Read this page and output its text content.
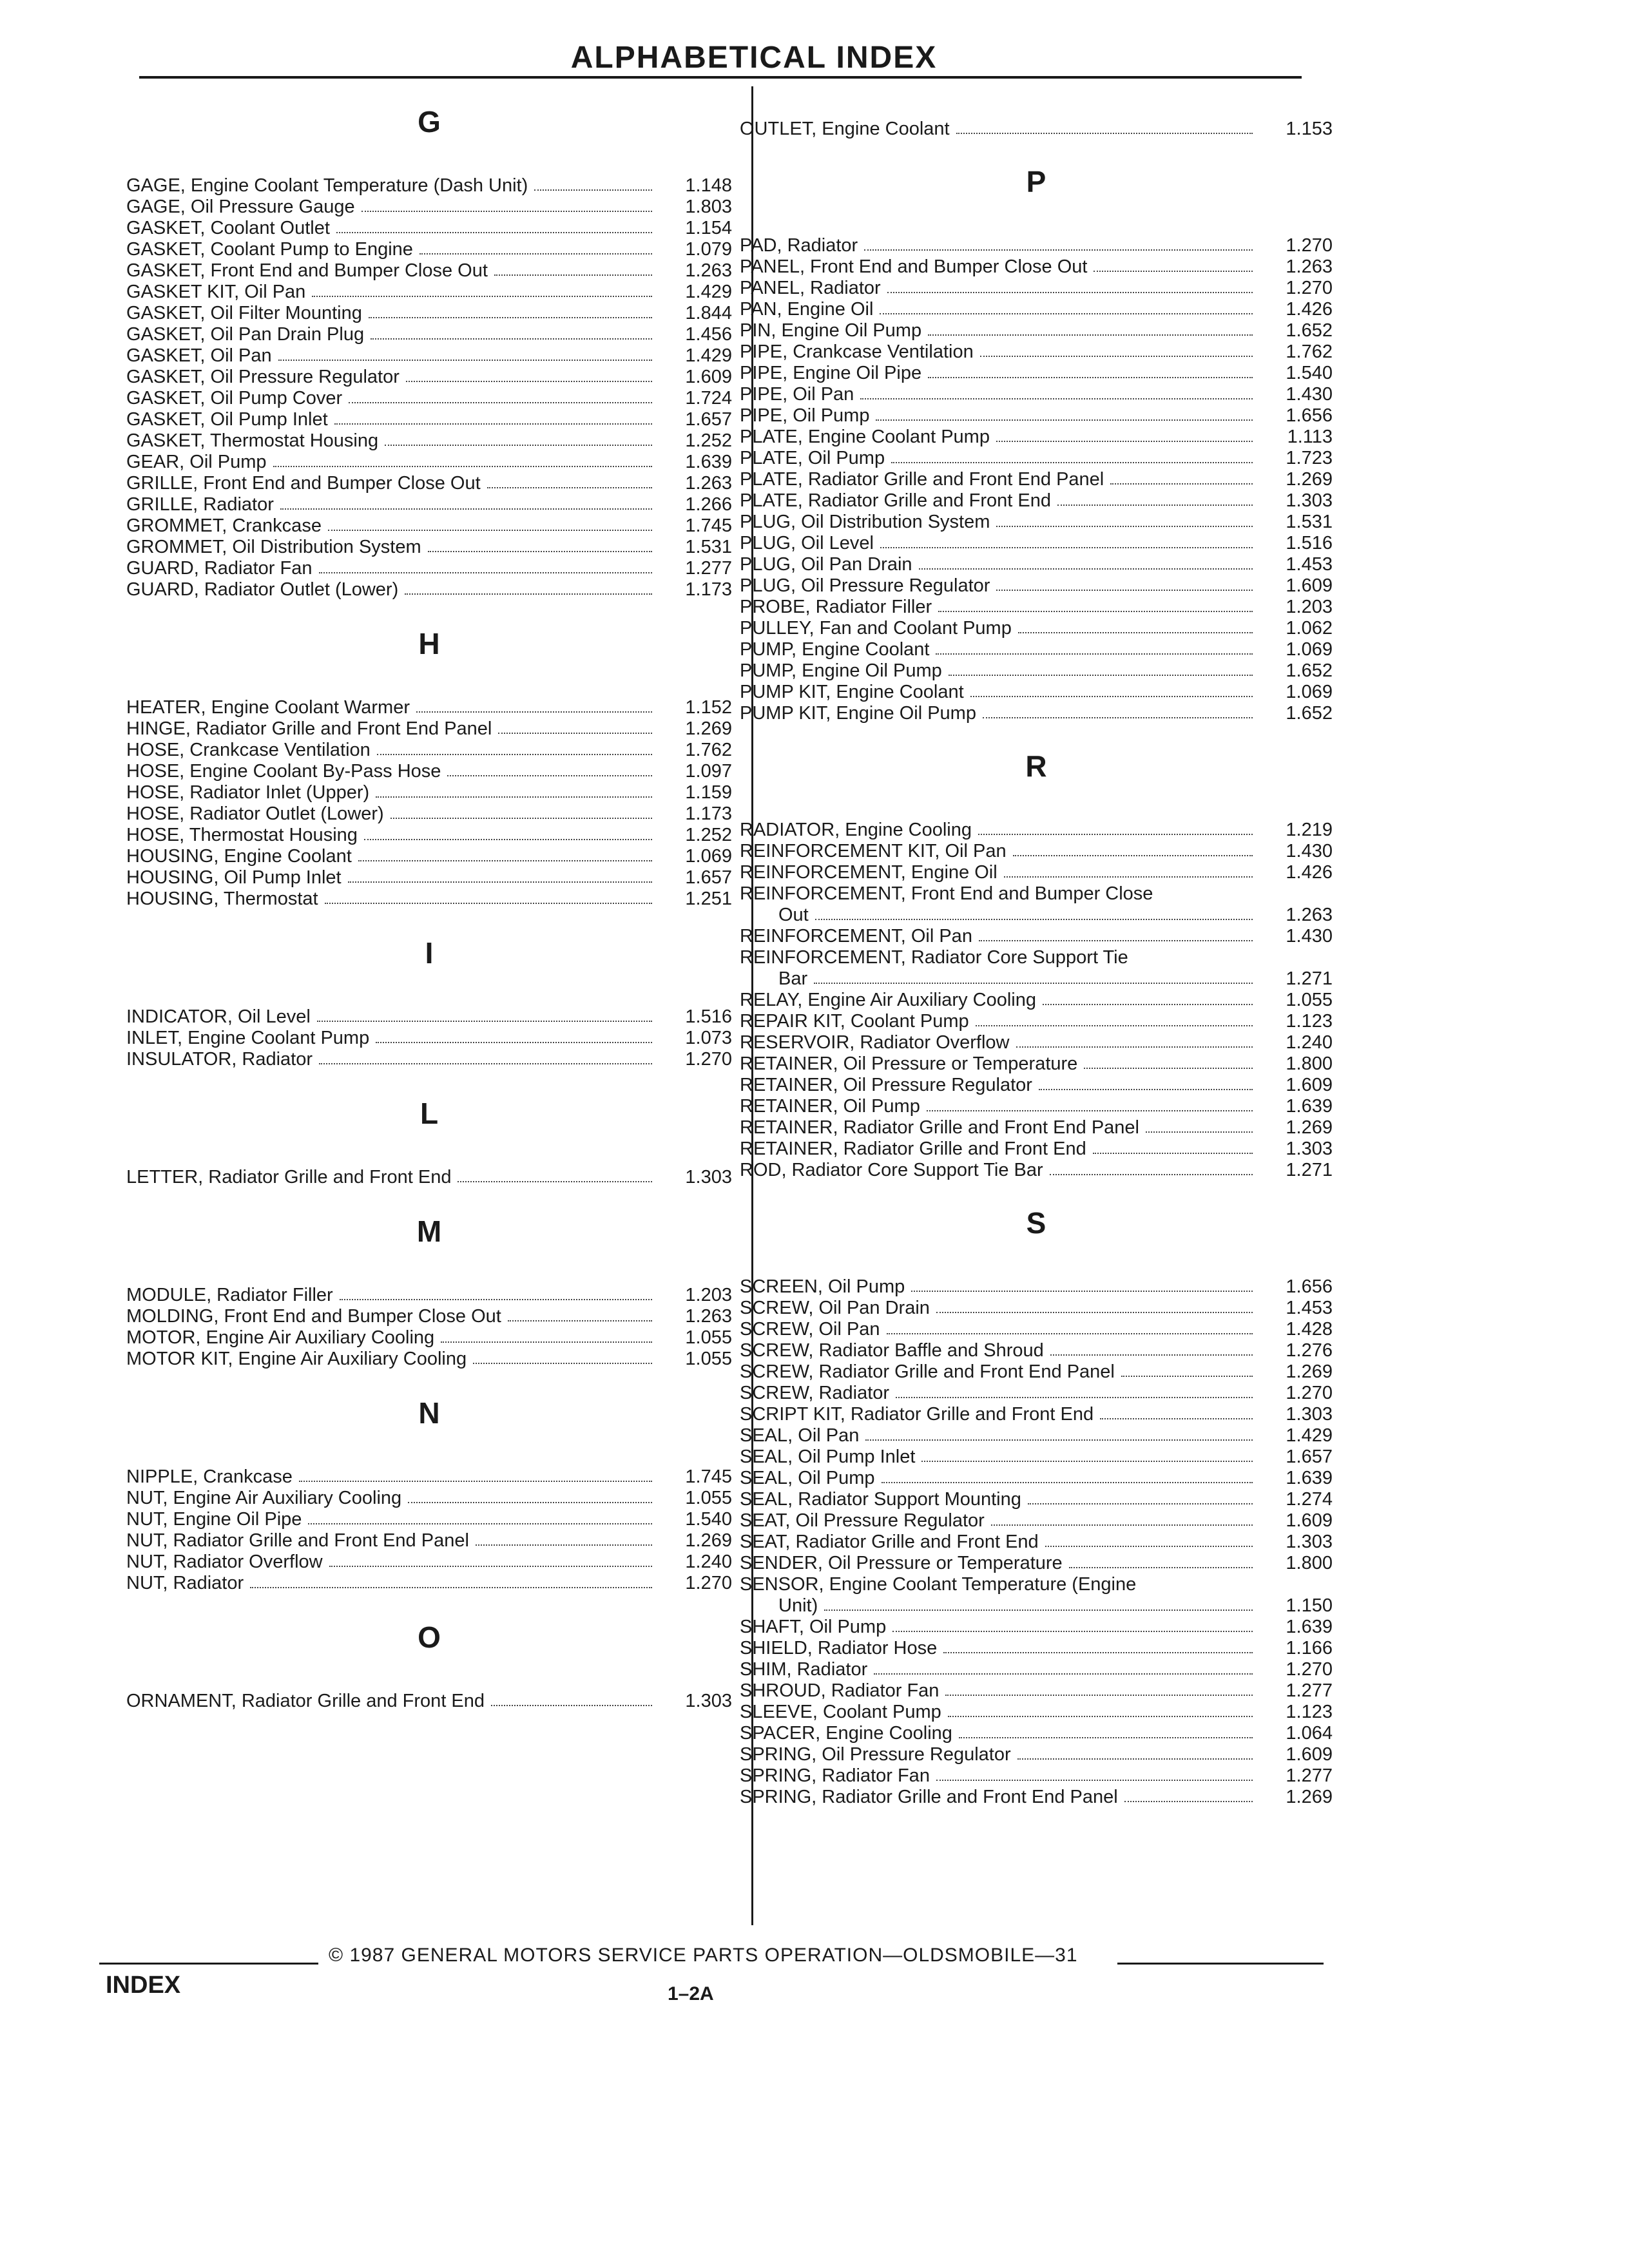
ALPHABETICAL INDEX
G
GAGE, Engine Coolant Temperature (Dash Unit)	1.148
GAGE, Oil Pressure Gauge	1.803
GASKET, Coolant Outlet	1.154
GASKET, Coolant Pump to Engine	1.079
GASKET, Front End and Bumper Close Out	1.263
GASKET KIT, Oil Pan	1.429
GASKET, Oil Filter Mounting	1.844
GASKET, Oil Pan Drain Plug	1.456
GASKET, Oil Pan	1.429
GASKET, Oil Pressure Regulator	1.609
GASKET, Oil Pump Cover	1.724
GASKET, Oil Pump Inlet	1.657
GASKET, Thermostat Housing	1.252
GEAR, Oil Pump	1.639
GRILLE, Front End and Bumper Close Out	1.263
GRILLE, Radiator	1.266
GROMMET, Crankcase	1.745
GROMMET, Oil Distribution System	1.531
GUARD, Radiator Fan	1.277
GUARD, Radiator Outlet (Lower)	1.173
H
HEATER, Engine Coolant Warmer	1.152
HINGE, Radiator Grille and Front End Panel	1.269
HOSE, Crankcase Ventilation	1.762
HOSE, Engine Coolant By-Pass Hose	1.097
HOSE, Radiator Inlet (Upper)	1.159
HOSE, Radiator Outlet (Lower)	1.173
HOSE, Thermostat Housing	1.252
HOUSING, Engine Coolant	1.069
HOUSING, Oil Pump Inlet	1.657
HOUSING, Thermostat	1.251
I
INDICATOR, Oil Level	1.516
INLET, Engine Coolant Pump	1.073
INSULATOR, Radiator	1.270
L
LETTER, Radiator Grille and Front End	1.303
M
MODULE, Radiator Filler	1.203
MOLDING, Front End and Bumper Close Out	1.263
MOTOR, Engine Air Auxiliary Cooling	1.055
MOTOR KIT, Engine Air Auxiliary Cooling	1.055
N
NIPPLE, Crankcase	1.745
NUT, Engine Air Auxiliary Cooling	1.055
NUT, Engine Oil Pipe	1.540
NUT, Radiator Grille and Front End Panel	1.269
NUT, Radiator Overflow	1.240
NUT, Radiator	1.270
O
ORNAMENT, Radiator Grille and Front End	1.303
OUTLET, Engine Coolant	1.153
P
PAD, Radiator	1.270
PANEL, Front End and Bumper Close Out	1.263
PANEL, Radiator	1.270
PAN, Engine Oil	1.426
PIN, Engine Oil Pump	1.652
PIPE, Crankcase Ventilation	1.762
PIPE, Engine Oil Pipe	1.540
PIPE, Oil Pan	1.430
PIPE, Oil Pump	1.656
PLATE, Engine Coolant Pump	1.113
PLATE, Oil Pump	1.723
PLATE, Radiator Grille and Front End Panel	1.269
PLATE, Radiator Grille and Front End	1.303
PLUG, Oil Distribution System	1.531
PLUG, Oil Level	1.516
PLUG, Oil Pan Drain	1.453
PLUG, Oil Pressure Regulator	1.609
PROBE, Radiator Filler	1.203
PULLEY, Fan and Coolant Pump	1.062
PUMP, Engine Coolant	1.069
PUMP, Engine Oil Pump	1.652
PUMP KIT, Engine Coolant	1.069
PUMP KIT, Engine Oil Pump	1.652
R
RADIATOR, Engine Cooling	1.219
REINFORCEMENT KIT, Oil Pan	1.430
REINFORCEMENT, Engine Oil	1.426
REINFORCEMENT, Front End and Bumper Close
Out	1.263
REINFORCEMENT, Oil Pan	1.430
REINFORCEMENT, Radiator Core Support Tie
Bar	1.271
RELAY, Engine Air Auxiliary Cooling	1.055
REPAIR KIT, Coolant Pump	1.123
RESERVOIR, Radiator Overflow	1.240
RETAINER, Oil Pressure or Temperature	1.800
RETAINER, Oil Pressure Regulator	1.609
RETAINER, Oil Pump	1.639
RETAINER, Radiator Grille and Front End Panel	1.269
RETAINER, Radiator Grille and Front End	1.303
ROD, Radiator Core Support Tie Bar	1.271
S
SCREEN, Oil Pump	1.656
SCREW, Oil Pan Drain	1.453
SCREW, Oil Pan	1.428
SCREW, Radiator Baffle and Shroud	1.276
SCREW, Radiator Grille and Front End Panel	1.269
SCREW, Radiator	1.270
SCRIPT KIT, Radiator Grille and Front End	1.303
SEAL, Oil Pan	1.429
SEAL, Oil Pump Inlet	1.657
SEAL, Oil Pump	1.639
SEAL, Radiator Support Mounting	1.274
SEAT, Oil Pressure Regulator	1.609
SEAT, Radiator Grille and Front End	1.303
SENDER, Oil Pressure or Temperature	1.800
SENSOR, Engine Coolant Temperature (Engine
Unit)	1.150
SHAFT, Oil Pump	1.639
SHIELD, Radiator Hose	1.166
SHIM, Radiator	1.270
SHROUD, Radiator Fan	1.277
SLEEVE, Coolant Pump	1.123
SPACER, Engine Cooling	1.064
SPRING, Oil Pressure Regulator	1.609
SPRING, Radiator Fan	1.277
SPRING, Radiator Grille and Front End Panel	1.269
© 1987 GENERAL MOTORS SERVICE PARTS OPERATION—OLDSMOBILE—31
INDEX	1–2A
